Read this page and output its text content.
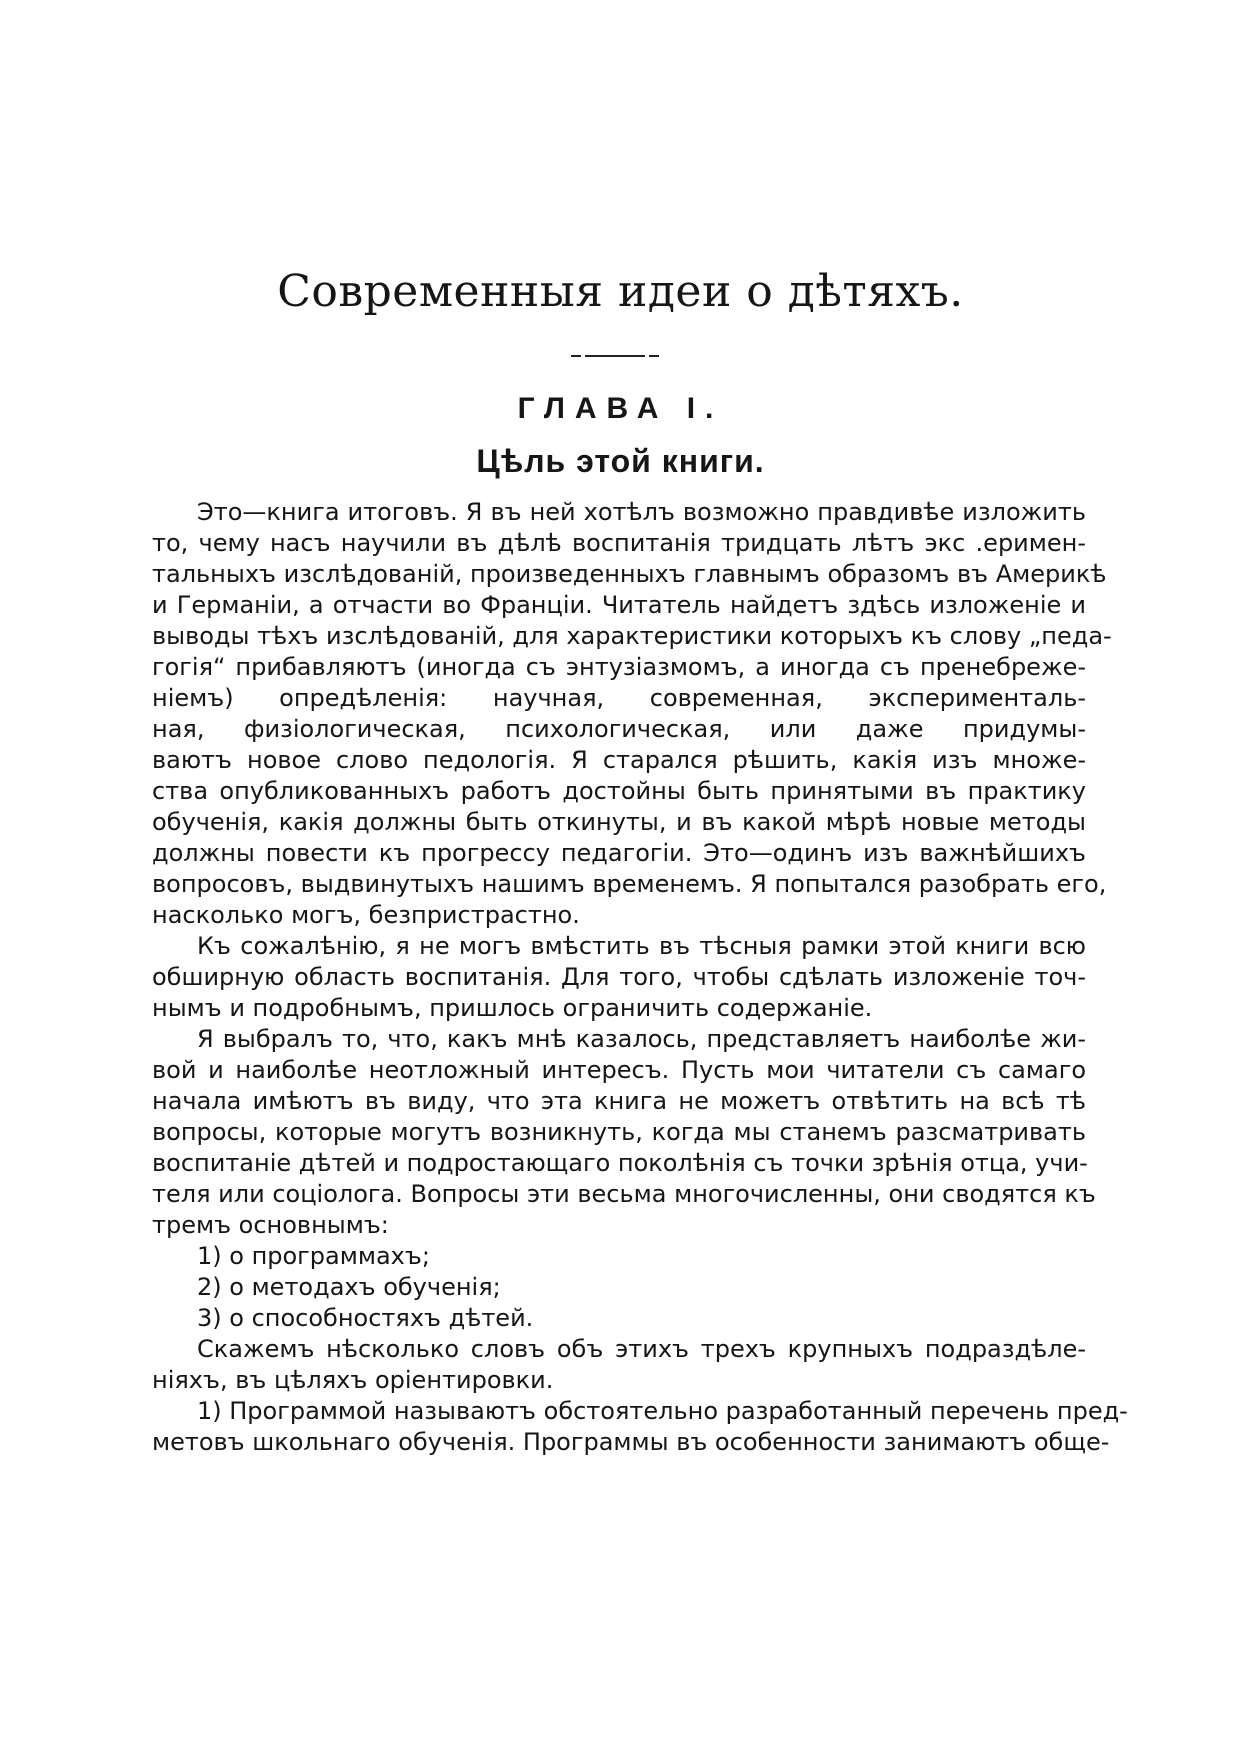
Современныя идеи о дѣтяхъ.
ГЛАВА I.
Цѣль этой книги.
Это—книга итоговъ. Я въ ней хотѣлъ возможно правдивѣе изложить
то, чему насъ научили въ дѣлѣ воспитанія тридцать лѣтъ экс .еримен-
тальныхъ изслѣдованій, произведенныхъ главнымъ образомъ въ Америкѣ
и Германіи, а отчасти во Франціи. Читатель найдетъ здѣсь изложеніе и
выводы тѣхъ изслѣдованій, для характеристики которыхъ къ слову „педа-
гогія“ прибавляютъ (иногда съ энтузіазмомъ, а иногда съ пренебреже-
ніемъ) опредѣленія: научная, современная, эксперименталь-
ная, физіологическая, психологическая, или даже придумы-
ваютъ новое слово педологія. Я старался рѣшить, какія изъ множе-
ства опубликованныхъ работъ достойны быть принятыми въ практику
обученія, какія должны быть откинуты, и въ какой мѣрѣ новые методы
должны повести къ прогрессу педагогіи. Это—одинъ изъ важнѣйшихъ
вопросовъ, выдвинутыхъ нашимъ временемъ. Я попытался разобрать его,
насколько могъ, безпристрастно.
Къ сожалѣнію, я не могъ вмѣстить въ тѣсныя рамки этой книги всю
обширную область воспитанія. Для того, чтобы сдѣлать изложеніе точ-
нымъ и подробнымъ, пришлось ограничить содержаніе.
Я выбралъ то, что, какъ мнѣ казалось, представляетъ наиболѣе жи-
вой и наиболѣе неотложный интересъ. Пусть мои читатели съ самаго
начала имѣютъ въ виду, что эта книга не можетъ отвѣтить на всѣ тѣ
вопросы, которые могутъ возникнуть, когда мы станемъ разсматривать
воспитаніе дѣтей и подростающаго поколѣнія съ точки зрѣнія отца, учи-
теля или соціолога. Вопросы эти весьма многочисленны, они сводятся къ
тремъ основнымъ:
1) о программахъ;
2) о методахъ обученія;
3) о способностяхъ дѣтей.
Скажемъ нѣсколько словъ объ этихъ трехъ крупныхъ подраздѣле-
ніяхъ, въ цѣляхъ оріентировки.
1) Программой называютъ обстоятельно разработанный перечень пред-
метовъ школьнаго обученія. Программы въ особенности занимаютъ обще-
